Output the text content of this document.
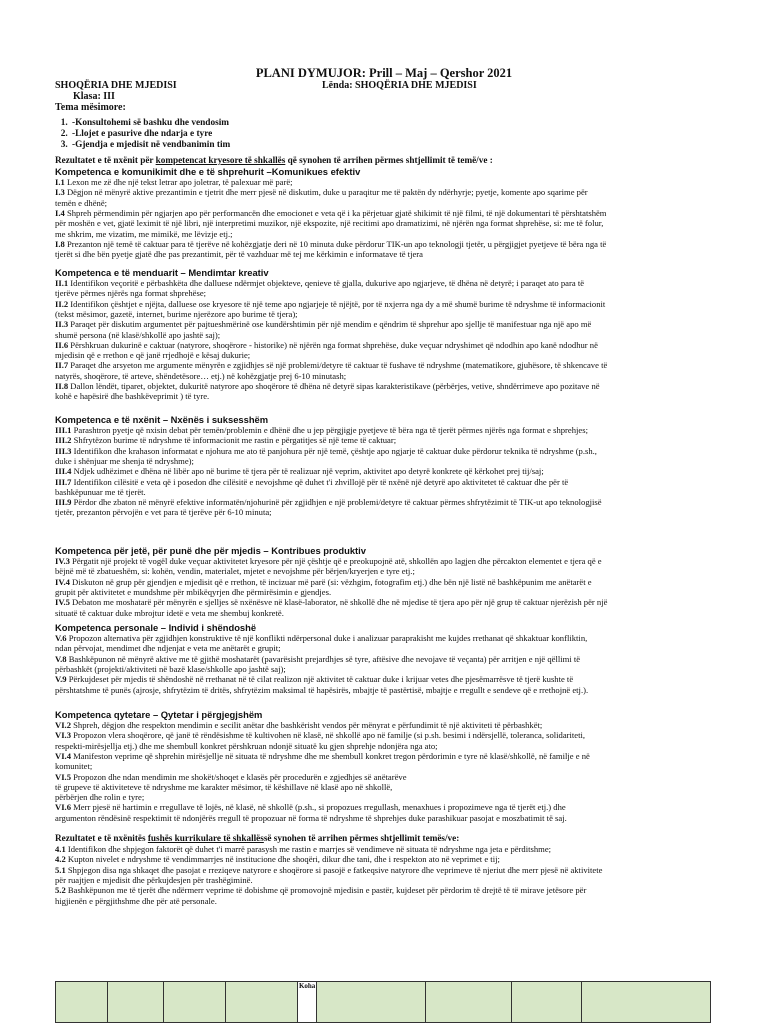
PLANI DYMUJOR: Prill – Maj – Qershor 2021
SHOQËRIA DHE MJEDISI	Lënda: SHOQËRIA DHE MJEDISI
Klasa: III
Tema mësimore:
1. -Konsultohemi së bashku dhe vendosim
2. -Llojet e pasurive dhe ndarja e tyre
3. -Gjendja e mjedisit në vendbanimin tim
Rezultatet e të nxënit për kompetencat kryesore të shkallës që synohen të arrihen përmes shtjellimit të temë/ve :
Kompetenca e komunikimit dhe e të shprehurit –Komunikues efektiv
I.1 Lexon me zë dhe një tekst letrar apo joletrar, të palexuar më parë;
I.3 Dëgjon në mënyrë aktive prezantimin e tjetrit dhe merr pjesë në diskutim, duke u paraqitur me të paktën dy ndërhyrje; pyetje, komente apo sqarime për
temën e dhënë;
I.4 Shpreh përmendimin për ngjarjen apo për performancën dhe emocionet e veta që i ka përjetuar gjatë shikimit të një filmi, të një dokumentari të përshtatshëm
për moshën e vet, gjatë leximit të një libri, një interpretimi muzikor, një ekspozite, një recitimi apo dramatizimi, në njërën nga format shprehëse, si: me të folur,
me shkrim, me vizatim, me mimikë, me lëvizje etj.;
I.8 Prezanton një temë të caktuar para të tjerëve në kohëzgjatje deri në 10 minuta duke përdorur TIK-un apo teknologji tjetër, u përgjigjet pyetjeve të bëra nga të
tjerët si dhe bën pyetje gjatë dhe pas prezantimit, për të vazhduar më tej me kërkimin e informatave të tjera
Kompetenca e të menduarit – Mendimtar kreativ
II.1 Identifikon veçoritë e përbashkëta dhe dalluese ndërmjet objekteve, qenieve të gjalla, dukurive apo ngjarjeve, të dhëna në detyrë; i paraqet ato para të
tjerëve përmes njërës nga format shprehëse;
II.2 Identifikon çështjet e njëjta, dalluese ose kryesore të një teme apo ngjarjeje të njëjtë, por të nxjerra nga dy a më shumë burime të ndryshme të informacionit
(tekst mësimor, gazetë, internet, burime njerëzore apo burime të tjera);
II.3 Paraqet për diskutim argumentet për pajtueshmërinë ose kundërshtimin për një mendim e qëndrim të shprehur apo sjellje të manifestuar nga një apo më
shumë persona (në klasë/shkollë apo jashtë saj);
II.6 Përshkruan dukurinë e caktuar (natyrore, shoqërore - historike) në njërën nga format shprehëse, duke veçuar ndryshimet që ndodhin apo kanë ndodhur në
mjedisin që e rrethon e që janë rrjedhojë e kësaj dukurie;
II.7 Paraqet dhe arsyeton me argumente mënyrën e zgjidhjes së një problemi/detyre të caktuar të fushave të ndryshme (matematikore, gjuhësore, të shkencave të
natyrës, shoqërore, të arteve, shëndetësore… etj.) në kohëzgjatje prej 6-10 minutash;
II.8 Dallon lëndët, tiparet, objektet, dukuritë natyrore apo shoqërore të dhëna në detyrë sipas karakteristikave (përbërjes, vetive, shndërrimeve apo pozitave në
kohë e hapësirë dhe bashkëveprimit ) të tyre.
Kompetenca e të nxënit – Nxënës i suksesshëm
III.1 Parashtron pyetje që nxisin debat për temën/problemin e dhënë dhe u jep përgjigje pyetjeve të bëra nga të tjerët përmes njërës nga format e shprehjes;
III.2 Shfrytëzon burime të ndryshme të informacionit me rastin e përgatitjes së një teme të caktuar;
III.3 Identifikon dhe krahason informatat e njohura me ato të panjohura për një temë, çështje apo ngjarje të caktuar duke përdorur teknika të ndryshme (p.sh.,
duke i shënjuar me shenja të ndryshme);
III.4 Ndjek udhëzimet e dhëna në libër apo në burime të tjera për të realizuar një veprim, aktivitet apo detyrë konkrete që kërkohet prej tij/saj;
III.7 Identifikon cilësitë e veta që i posedon dhe cilësitë e nevojshme që duhet t'i zhvillojë për të nxënë një detyrë apo aktivitetet të caktuar dhe për të
bashkëpunuar me të tjerët.
III.9 Përdor dhe zbaton në mënyrë efektive informatën/njohurinë për zgjidhjen e një problemi/detyre të caktuar përmes shfrytëzimit të TIK-ut apo teknologjisë
tjetër, prezanton përvojën e vet para të tjerëve për 6-10 minuta;
Kompetenca për jetë, për punë dhe për mjedis – Kontribues produktiv
IV.3 Përgatit një projekt të vogël duke veçuar aktivitetet kryesore për një çështje që e preokupojnë atë, shkollën apo lagjen dhe përcakton elementet e tjera që e
bëjnë më të zbatueshëm, si: kohën, vendin, materialet, mjetet e nevojshme për bërjen/kryerjen e tyre etj.;
IV.4 Diskuton në grup për gjendjen e mjedisit që e rrethon, të incizuar më parë (si: vëzhgim, fotografim etj.) dhe bën një listë në bashkëpunim me anëtarët e
grupit për aktivitetet e mundshme për mbikëqyrjen dhe përmirësimin e gjendjes.
IV.5 Debaton me moshatarë për mënyrën e sjelljes së nxënësve në klasë-laborator, në shkollë dhe në mjedise të tjera apo për një grup të caktuar njerëzish për një
situatë të caktuar duke mbrojtur idetë e veta me shembuj konkretë.
Kompetenca personale – Individ i shëndoshë
V.6 Propozon alternativa për zgjidhjen konstruktive të një konflikti ndërpersonal duke i analizuar paraprakisht me kujdes rrethanat që shkaktuar konfliktin,
ndan përvojat, mendimet dhe ndjenjat e veta me anëtarët e grupit;
V.8 Bashkëpunon në mënyrë aktive me të gjithë moshatarët (pavarësisht prejardhjes së tyre, aftësive dhe nevojave të veçanta) për arritjen e një qëllimi të
përbashkët (projekti/aktiviteti në bazë klase/shkolle apo jashtë saj);
V.9 Përkujdeset për mjedis të shëndoshë në rrethanat në të cilat realizon një aktivitet të caktuar duke i krijuar vetes dhe pjesëmarrësve të tjerë kushte të
përshtatshme të punës (ajrosje, shfrytëzim të dritës, shfrytëzim maksimal të hapësirës, mbajtje të pastërtisë, mbajtje e rregullt e sendeve që e rrethojnë etj.).
Kompetenca qytetare – Qytetar i përgjegjshëm
VI.2 Shpreh, dëgjon dhe respekton mendimin e secilit anëtar dhe bashkërisht vendos për mënyrat e përfundimit të një aktiviteti të përbashkët;
VI.3 Propozon vlera shoqërore, që janë të rëndësishme të kultivohen në klasë, në shkollë apo në familje (si p.sh. besimi i ndërsjellë, toleranca, solidariteti,
respekti-mirësjellja etj.) dhe me shembull konkret përshkruan ndonjë situatë ku gjen shprehje ndonjëra nga ato;
VI.4 Manifeston veprime që shprehin mirësjellje në situata të ndryshme dhe me shembull konkret tregon përdorimin e tyre në klasë/shkollë, në familje e në
komunitet;
VI.5 Propozon dhe ndan mendimin me shokët/shoqet e klasës për procedurën e zgjedhjes së anëtarëve
të grupeve të aktiviteteve të ndryshme me karakter mësimor, të këshillave në klasë apo në shkollë,
përbërjen dhe rolin e tyre;
VI.6 Merr pjesë në hartimin e rregullave të lojës, në klasë, në shkollë (p.sh., si propozues rregullash, menaxhues i propozimeve nga të tjerët etj.) dhe
argumenton rëndësinë respektimit të ndonjërës rregull të propozuar në forma të ndryshme të shprehjes duke parashikuar pasojat e moszbatimit të saj.
Rezultatet e të nxënitës fushës kurrikulare të shkallëssë synohen të arrihen përmes shtjellimit temës/ve:
4.1 Identifikon dhe shpjegon faktorët që duhet t'i marrë parasysh me rastin e marrjes së vendimeve në situata të ndryshme nga jeta e përditshme;
4.2 Kupton nivelet e ndryshme të vendimmarrjes në institucione dhe shoqëri, dikur dhe tani, dhe i respekton ato në veprimet e tij;
5.1 Shpjegon disa nga shkaqet dhe pasojat e rreziqeve natyrore e shoqërore si pasojë e fatkeqsive natyrore dhe veprimeve të njeriut dhe merr pjesë në aktivitete
për ruajtjen e mjedisit dhe përkujdesjen për trashëgiminë.
5.2 Bashkëpunon me të tjerët dhe ndërmerr veprime të dobishme që promovojnë mjedisin e pastër, kujdeset për përdorim të drejtë të të mirave jetësore për
higjienën e përgjithshme dhe për atë personale.
				Koha				
